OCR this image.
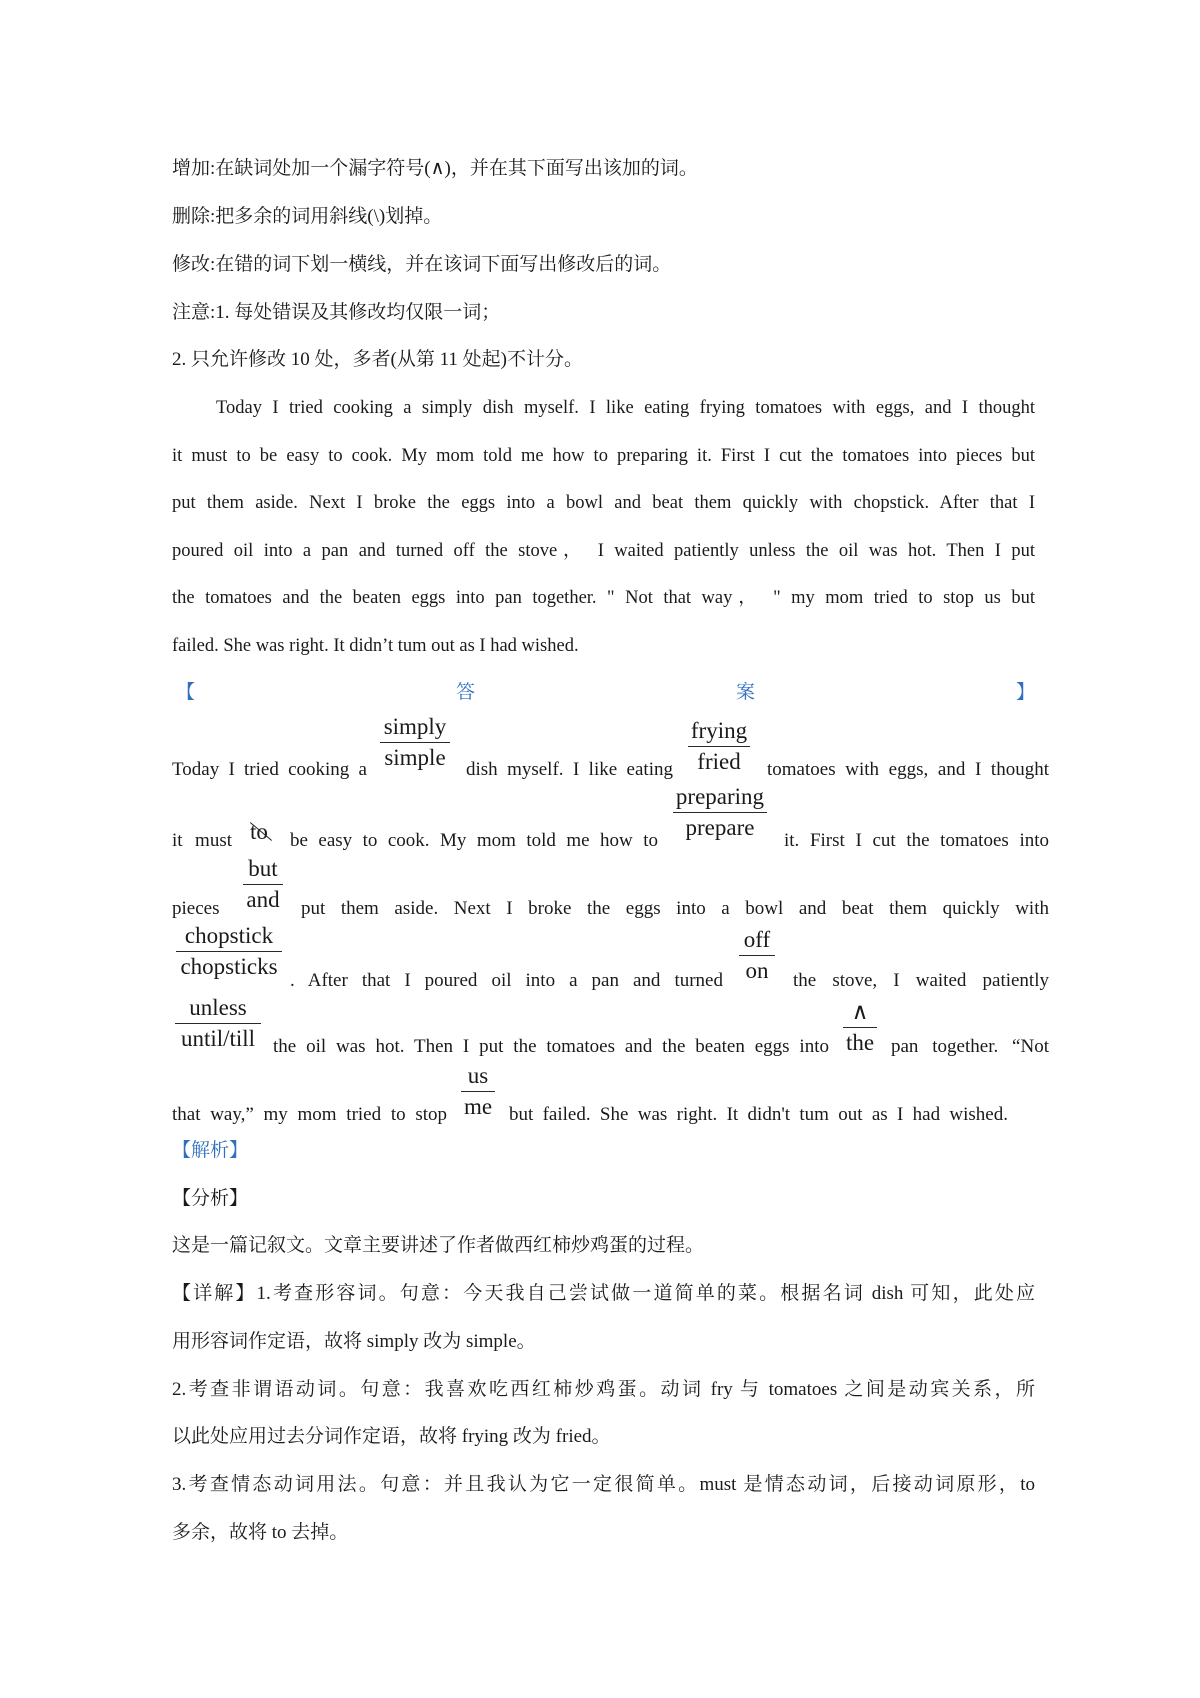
增加:在缺词处加一个漏字符号(∧)，并在其下面写出该加的词。
删除:把多余的词用斜线(\)划掉。
修改:在错的词下划一横线，并在该词下面写出修改后的词。
注意:1. 每处错误及其修改均仅限一词；
2. 只允许修改 10 处，多者(从第 11 处起)不计分。
Today I tried cooking a simply dish myself. I like eating frying tomatoes with eggs, and I thought
it must to be easy to cook. My mom told me how to preparing it. First I cut the tomatoes into pieces but
put them aside. Next I broke the eggs into a bowl and beat them quickly with chopstick. After that I
poured oil into a pan and turned off the stove， I waited patiently unless the oil was hot. Then I put
the tomatoes and the beaten eggs into pan together. " Not that way， " my mom tried to stop us but
failed. She was right. It didn’t tum out as I had wished.
【	答	案	】
Today I tried cooking a
simply
simple dish myself. I like eating
frying
fried tomatoes with eggs, and I thought
it must to be easy to cook. My mom told me how to
preparing
prepare
it. First I cut the tomatoes into
pieces
but
and put them aside. Next I broke the eggs into a bowl and beat them quickly with
chopstick
chopsticks
. After that I poured oil into a pan and turned
off
on the stove, I waited patiently
unless
until/till the oil was hot. Then I put the tomatoes and the beaten eggs into
∧
the pan together. “Not
that way,” my mom tried to stop
us
me but failed. She was right. It didn't tum out as I had wished.
【解析】
【分析】
这是一篇记叙文。文章主要讲述了作者做西红柿炒鸡蛋的过程。
【详解】1.考查形容词。句意：今天我自己尝试做一道简单的菜。根据名词 dish 可知，此处应
用形容词作定语，故将 simply 改为 simple。
2.考查非谓语动词。句意：我喜欢吃西红柿炒鸡蛋。动词 fry 与 tomatoes 之间是动宾关系，所
以此处应用过去分词作定语，故将 frying 改为 fried。
3.考查情态动词用法。句意：并且我认为它一定很简单。must 是情态动词，后接动词原形，to
多余，故将 to 去掉。
